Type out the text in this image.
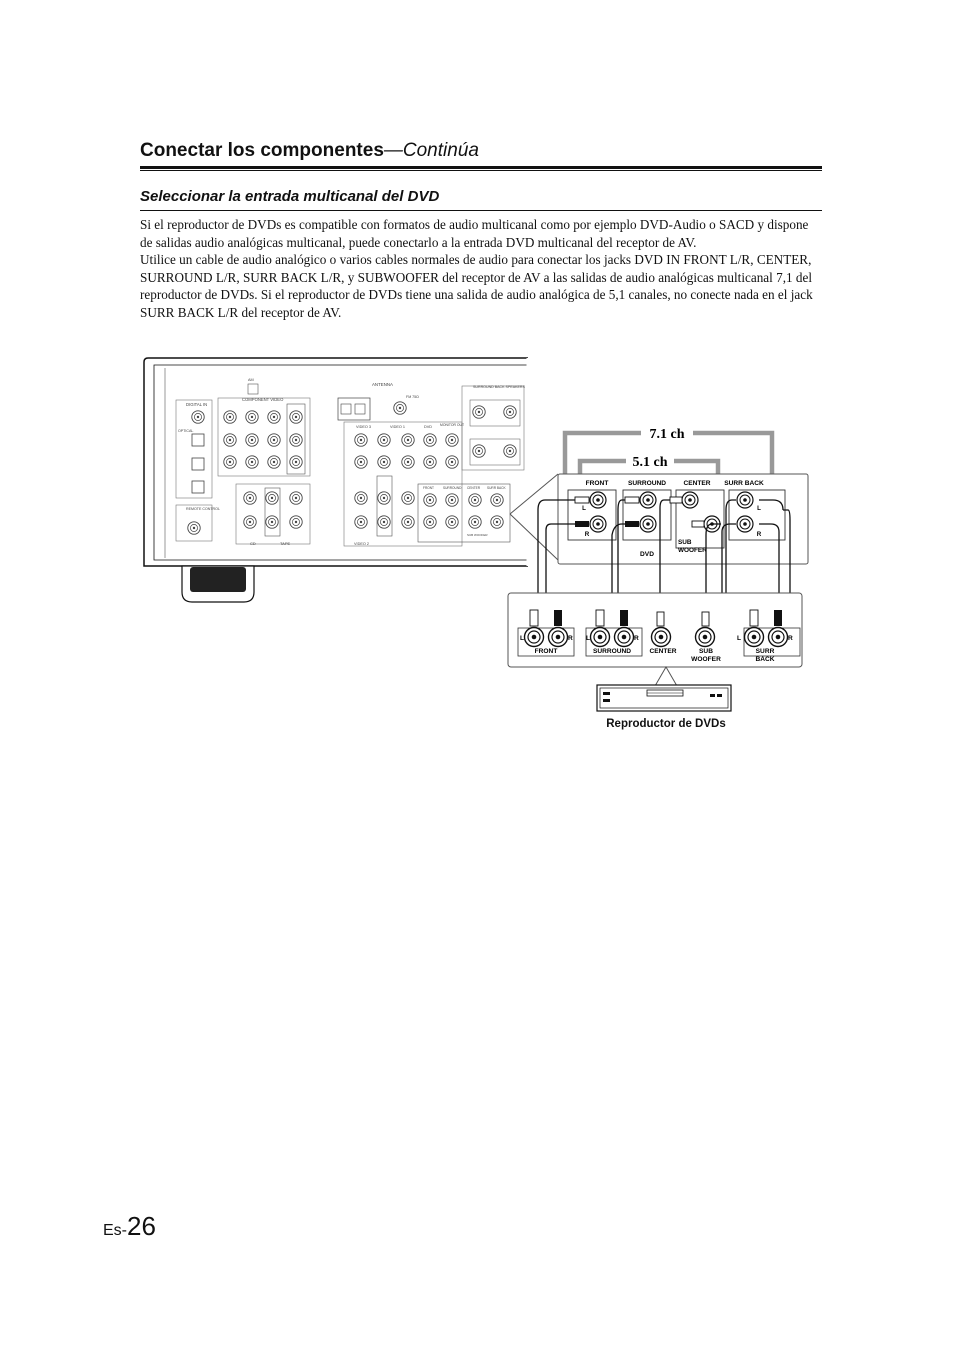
Conectar los componentes—Continúa
Seleccionar la entrada multicanal del DVD

Si el reproductor de DVDs es compatible con formatos de audio multicanal como por ejemplo DVD-Audio o SACD y dispone de salidas audio analógicas multicanal, puede conectarlo a la entrada DVD multicanal del receptor de AV.

Utilice un cable de audio analógico o varios cables normales de audio para conectar los jacks DVD IN FRONT L/R, CENTER, SURROUND L/R, SURR BACK L/R, y SUBWOOFER del receptor de AV a las salidas de audio analógicas multicanal 7,1 del reproductor de DVDs. Si el reproductor de DVDs tiene una salida de audio analógica de 5,1 canales, no conecte nada en el jack SURR BACK L/R del receptor de AV.

DIGITAL IN
OPTICAL
REMOTE CONTROL
COMPONENT VIDEO
AM
CD	TAPE
ANTENNA
FM 75Ω
SURROUND BACK SPEAKERS
VIDEO 3	VIDEO 1	DVD MONITOR OUT
VIDEO 2
FRONT	SURROUND CENTER SURR BACK
SUB WOOFER
7.1 ch
5.1 ch
FRONT	SURROUND	CENTER SURR BACK
L
R
L
R
DVD
SUB
WOOFER
L	R L	R	L	R
FRONT	SURROUND	CENTER	SUB
WOOFER
SURR
BACK
Reproductor de DVDs
Es-26
